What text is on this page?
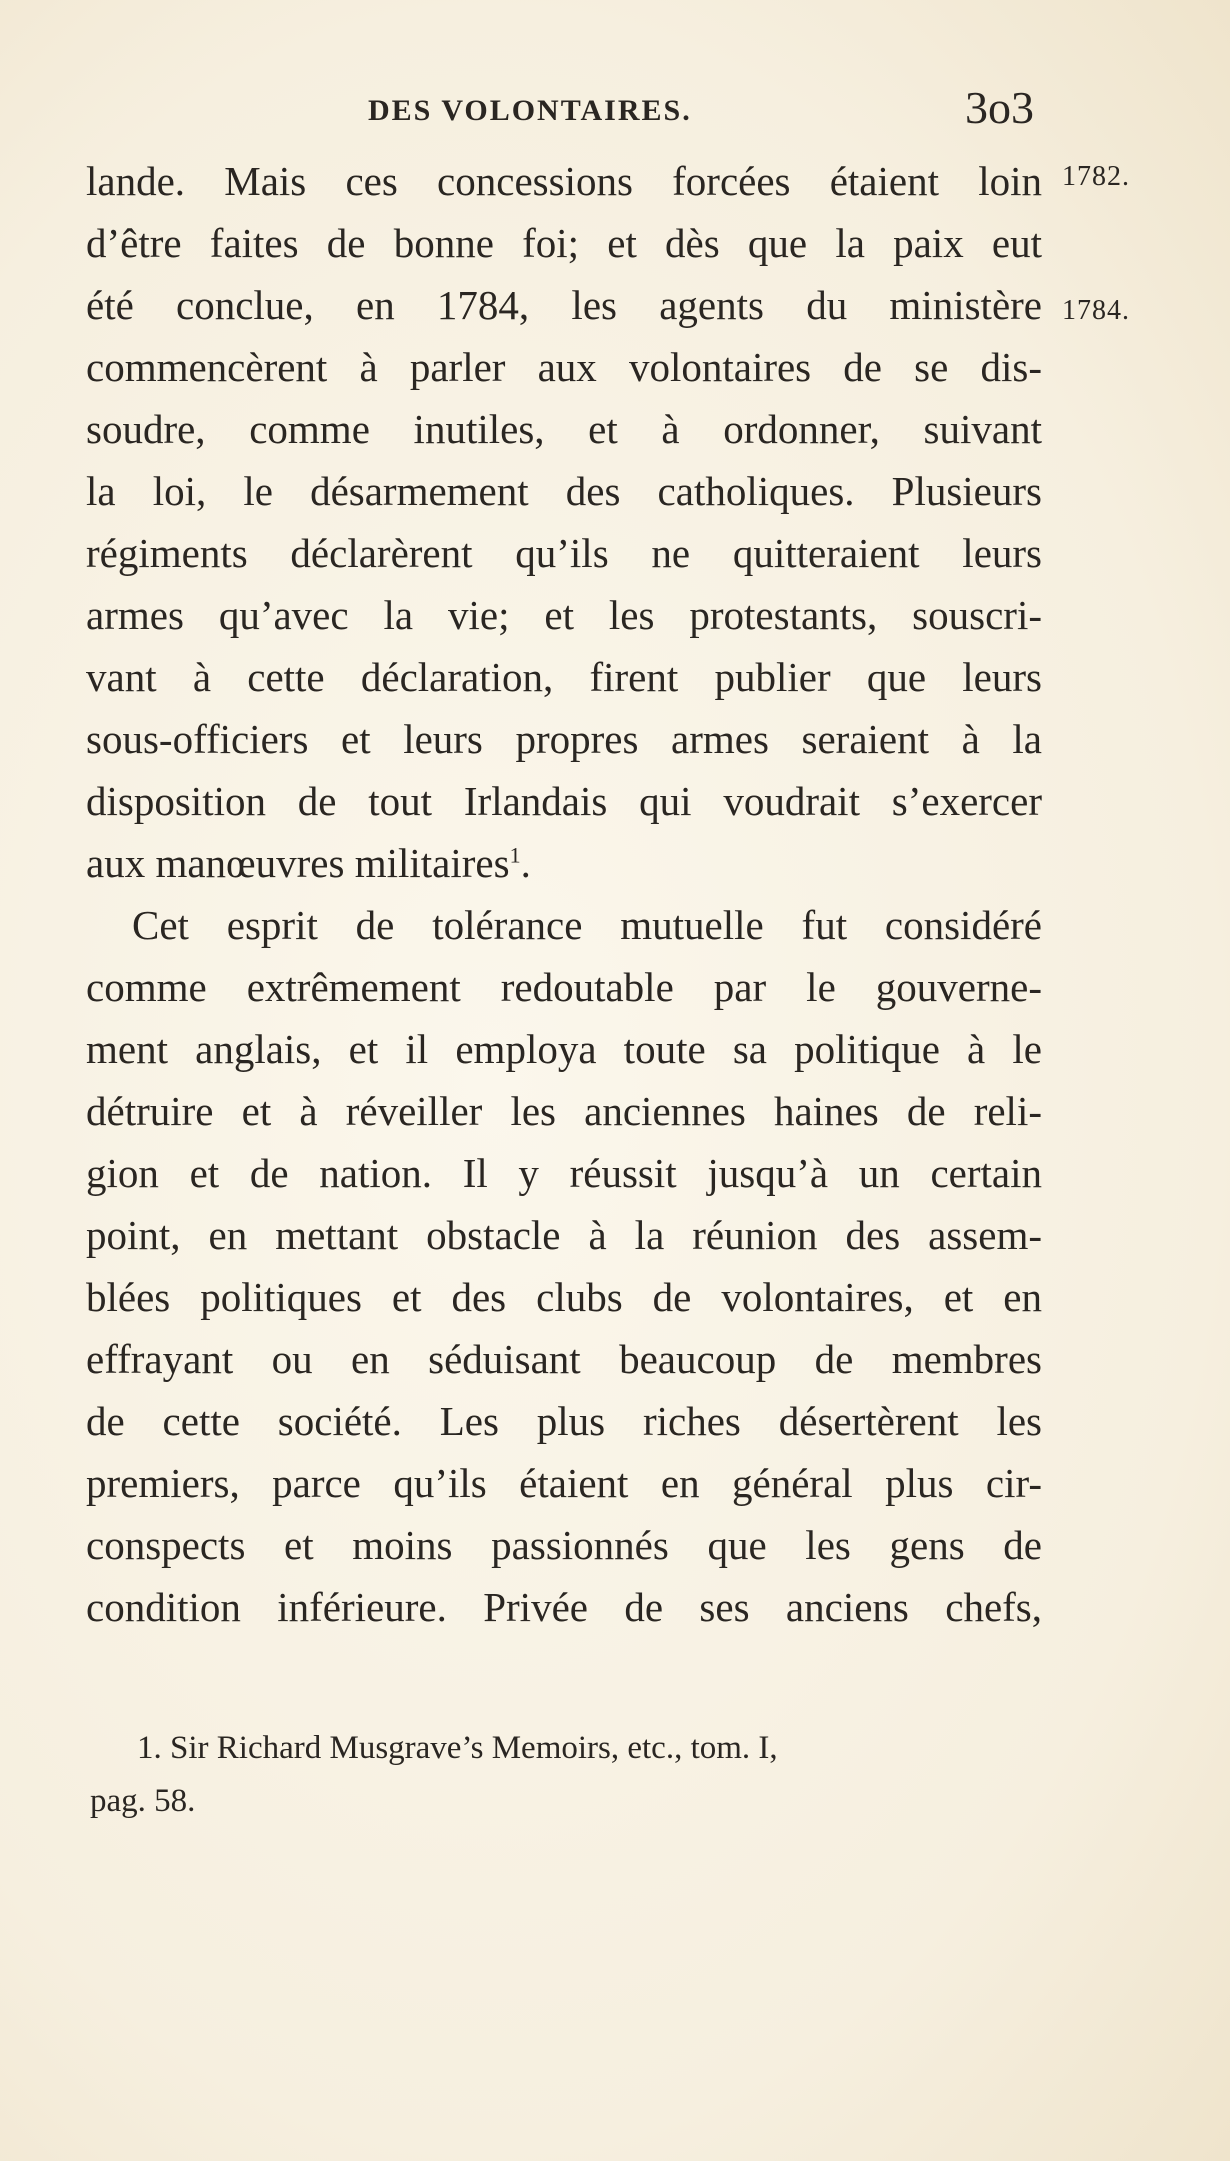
DES VOLONTAIRES.	3o3
lande. Mais ces concessions forcées étaient loin 1782.
d’être faites de bonne foi; et dès que la paix eut
été conclue, en 1784, les agents du ministère 1784.
commencèrent à parler aux volontaires de se dis-
soudre, comme inutiles, et à ordonner, suivant
la loi, le désarmement des catholiques. Plusieurs
régiments déclarèrent qu’ils ne quitteraient leurs
armes qu’avec la vie; et les protestants, souscri-
vant à cette déclaration, firent publier que leurs
sous-officiers et leurs propres armes seraient à la
disposition de tout Irlandais qui voudrait s’exercer
aux manœuvres militaires$^1$.
Cet esprit de tolérance mutuelle fut considéré
comme extrêmement redoutable par le gouverne-
ment anglais, et il employa toute sa politique à le
détruire et à réveiller les anciennes haines de reli-
gion et de nation. Il y réussit jusqu’à un certain
point, en mettant obstacle à la réunion des assem-
blées politiques et des clubs de volontaires, et en
effrayant ou en séduisant beaucoup de membres
de cette société. Les plus riches désertèrent les
premiers, parce qu’ils étaient en général plus cir-
conspects et moins passionnés que les gens de
condition inférieure. Privée de ses anciens chefs,
1. Sir Richard Musgrave’s Memoirs, etc., tom. I,
pag. 58.
